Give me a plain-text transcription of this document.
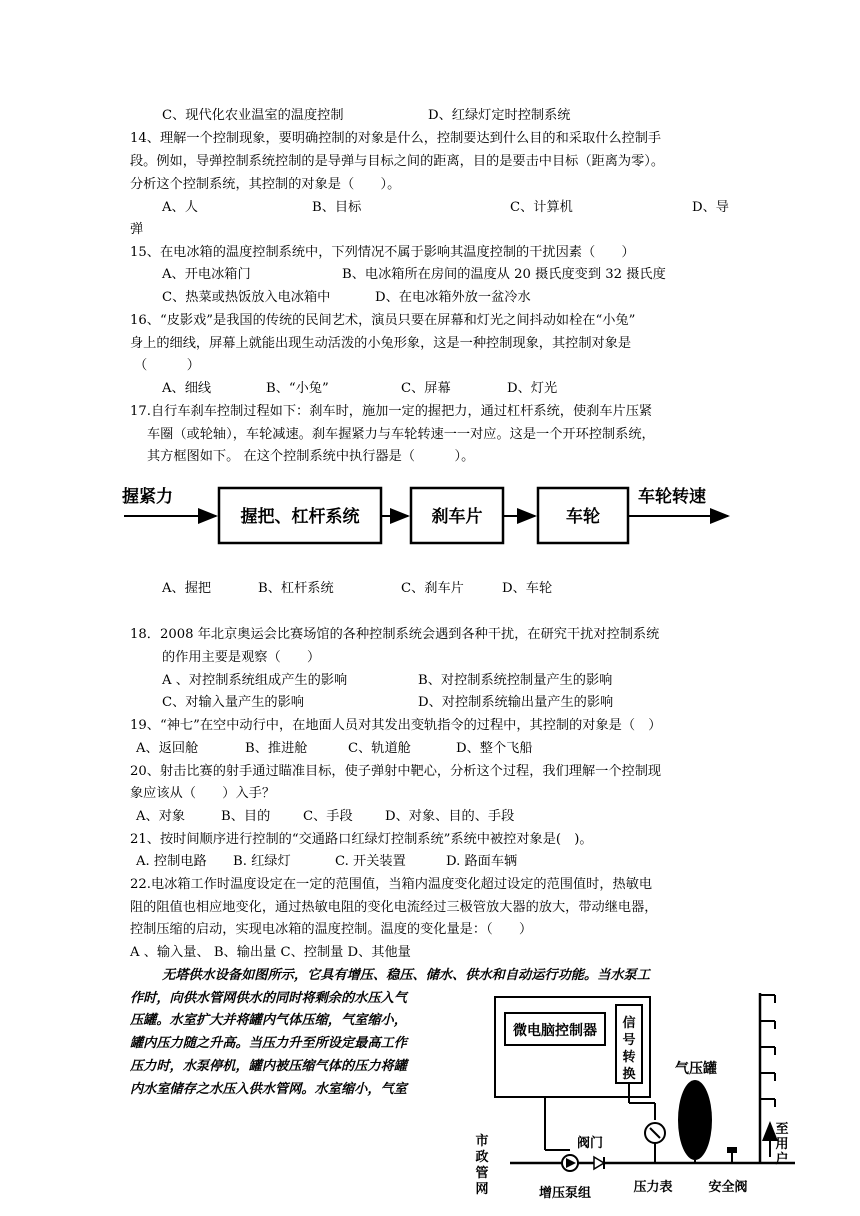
C、现代化农业温室的温度控制	D、红绿灯定时控制系统
14、理解一个控制现象，要明确控制的对象是什么，控制要达到什么目的和采取什么控制手
段。例如，导弹控制系统控制的是导弹与目标之间的距离，目的是要击中目标（距离为零）。
分析这个控制系统，其控制的对象是（　　）。
A、人	B、目标	C、计算机	D、导
弹
15、在电冰箱的温度控制系统中，下列情况不属于影响其温度控制的干扰因素（　　）
A、开电冰箱门	B、电冰箱所在房间的温度从 20 摄氏度变到 32 摄氏度
C、热菜或热饭放入电冰箱中	D、在电冰箱外放一盆冷水
16、“皮影戏”是我国的传统的民间艺术，演员只要在屏幕和灯光之间抖动如栓在“小兔”
身上的细线，屏幕上就能出现生动活泼的小兔形象，这是一种控制现象，其控制对象是
（　　　）
A、细线	B、“小兔”	C、屏幕	D、灯光
17.自行车刹车控制过程如下：刹车时，施加一定的握把力，通过杠杆系统，使刹车片压紧
车圈（或轮轴），车轮减速。刹车握紧力与车轮转速一一对应。这是一个开环控制系统，
其方框图如下。 在这个控制系统中执行器是（　　　）。
握紧力
握把、杠杆系统	刹车片	车轮
车轮转速
A、握把	B、杠杆系统	C、刹车片	D、车轮
18．2008 年北京奥运会比赛场馆的各种控制系统会遇到各种干扰，在研究干扰对控制系统
的作用主要是观察（　　）
A 、对控制系统组成产生的影响	B、对控制系统控制量产生的影响
C、对输入量产生的影响	D、对控制系统输出量产生的影响
19、“神七”在空中动行中，在地面人员对其发出变轨指令的过程中，其控制的对象是（　）
A、返回舱	B、推进舱	C、轨道舱	D、整个飞船
20、射击比赛的射手通过瞄准目标，使子弹射中靶心，分析这个过程，我们理解一个控制现
象应该从（　　）入手？
A、对象	B、目的 C、手段 D、对象、目的、手段
21、按时间顺序进行控制的“交通路口红绿灯控制系统”系统中被控对象是(　)。
A. 控制电路 B. 红绿灯	C. 开关装置	D. 路面车辆
22.电冰箱工作时温度设定在一定的范围值，当箱内温度变化超过设定的范围值时，热敏电
阻的阻值也相应地变化，通过热敏电阻的变化电流经过三极管放大器的放大，带动继电器，
控制压缩的启动，实现电冰箱的温度控制。温度的变化量是：（　　）
A 、输入量、 B、输出量 C、控制量 D、其他量
无塔供水设备如图所示，它具有增压、稳压、储水、供水和自动运行功能。当水泵工
作时，向供水管网供水的同时将剩余的水压入气
压罐。水室扩大并将罐内气体压缩，气室缩小，
罐内压力随之升高。当压力升至所设定最高工作
压力时，水泵停机，罐内被压缩气体的压力将罐
内水室储存之水压入供水管网。水室缩小，气室
微电脑控制器 信
号
转
换	气压罐
阀门
至
用
户
市
政
管
网	增压泵组	压力表	安全阀
